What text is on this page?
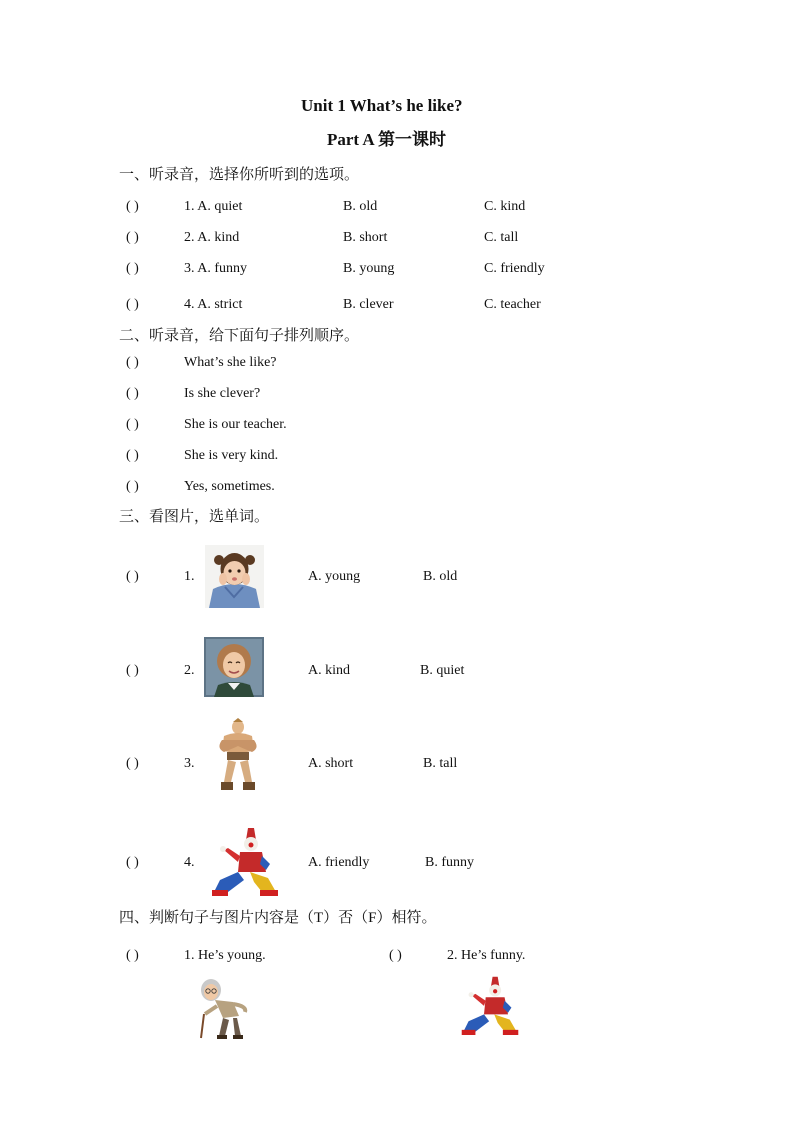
Unit 1 What’s he like?
Part A 第一课时
一、听录音，选择你所听到的选项。
( )	1. A. quiet	B. old	C. kind
( )	2. A. kind	B. short	C. tall
( )	3. A. funny	B. young	C. friendly
( )	4. A. strict	B. clever	C. teacher
二、听录音，给下面句子排列顺序。
( )	What’s she like?
( )	Is she clever?
( )	She is our teacher.
( )	She is very kind.
( )	Yes, sometimes.
三、看图片，选单词。
( )	1.	A. young	B. old
( )	2.	A. kind	B. quiet
( )	3.	A. short	B. tall
( )	4.	A. friendly	B. funny
四、判断句子与图片内容是（T）否（F）相符。
( )	1. He’s young.	( )	2. He’s funny.
